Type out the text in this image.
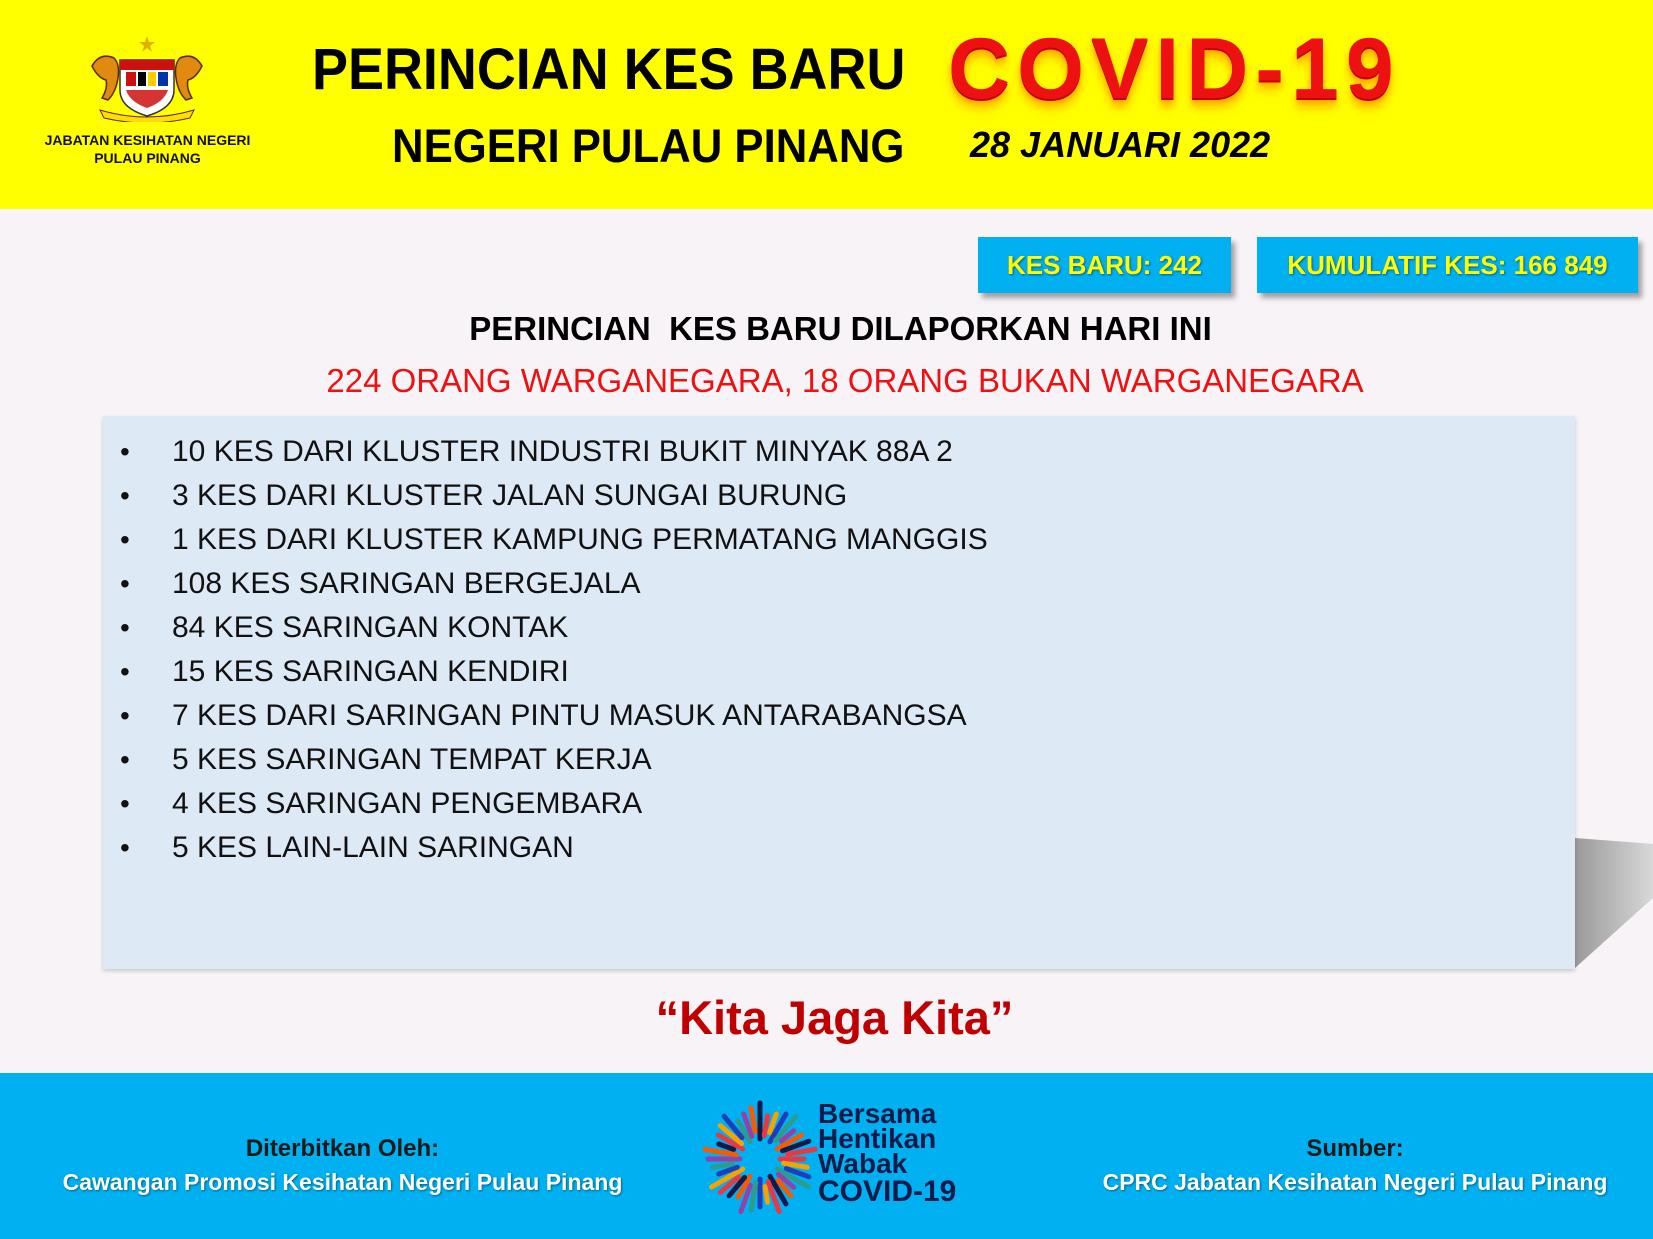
JABATAN KESIHATAN NEGERI
PULAU PINANG
PERINCIAN KES BARU COVID-19
NEGERI PULAU PINANG 28 JANUARI 2022
KES BARU: 242	KUMULATIF KES: 166 849
PERINCIAN  KES BARU DILAPORKAN HARI INI
224 ORANG WARGANEGARA, 18 ORANG BUKAN WARGANEGARA
• 10 KES DARI KLUSTER INDUSTRI BUKIT MINYAK 88A 2
• 3 KES DARI KLUSTER JALAN SUNGAI BURUNG
• 1 KES DARI KLUSTER KAMPUNG PERMATANG MANGGIS
• 108 KES SARINGAN BERGEJALA
• 84 KES SARINGAN KONTAK
• 15 KES SARINGAN KENDIRI
• 7 KES DARI SARINGAN PINTU MASUK ANTARABANGSA
• 5 KES SARINGAN TEMPAT KERJA
• 4 KES SARINGAN PENGEMBARA
• 5 KES LAIN-LAIN SARINGAN
“Kita Jaga Kita”
Diterbitkan Oleh:
Cawangan Promosi Kesihatan Negeri Pulau Pinang
Bersama
Hentikan
Wabak
COVID-19
Sumber:
CPRC Jabatan Kesihatan Negeri Pulau Pinang
